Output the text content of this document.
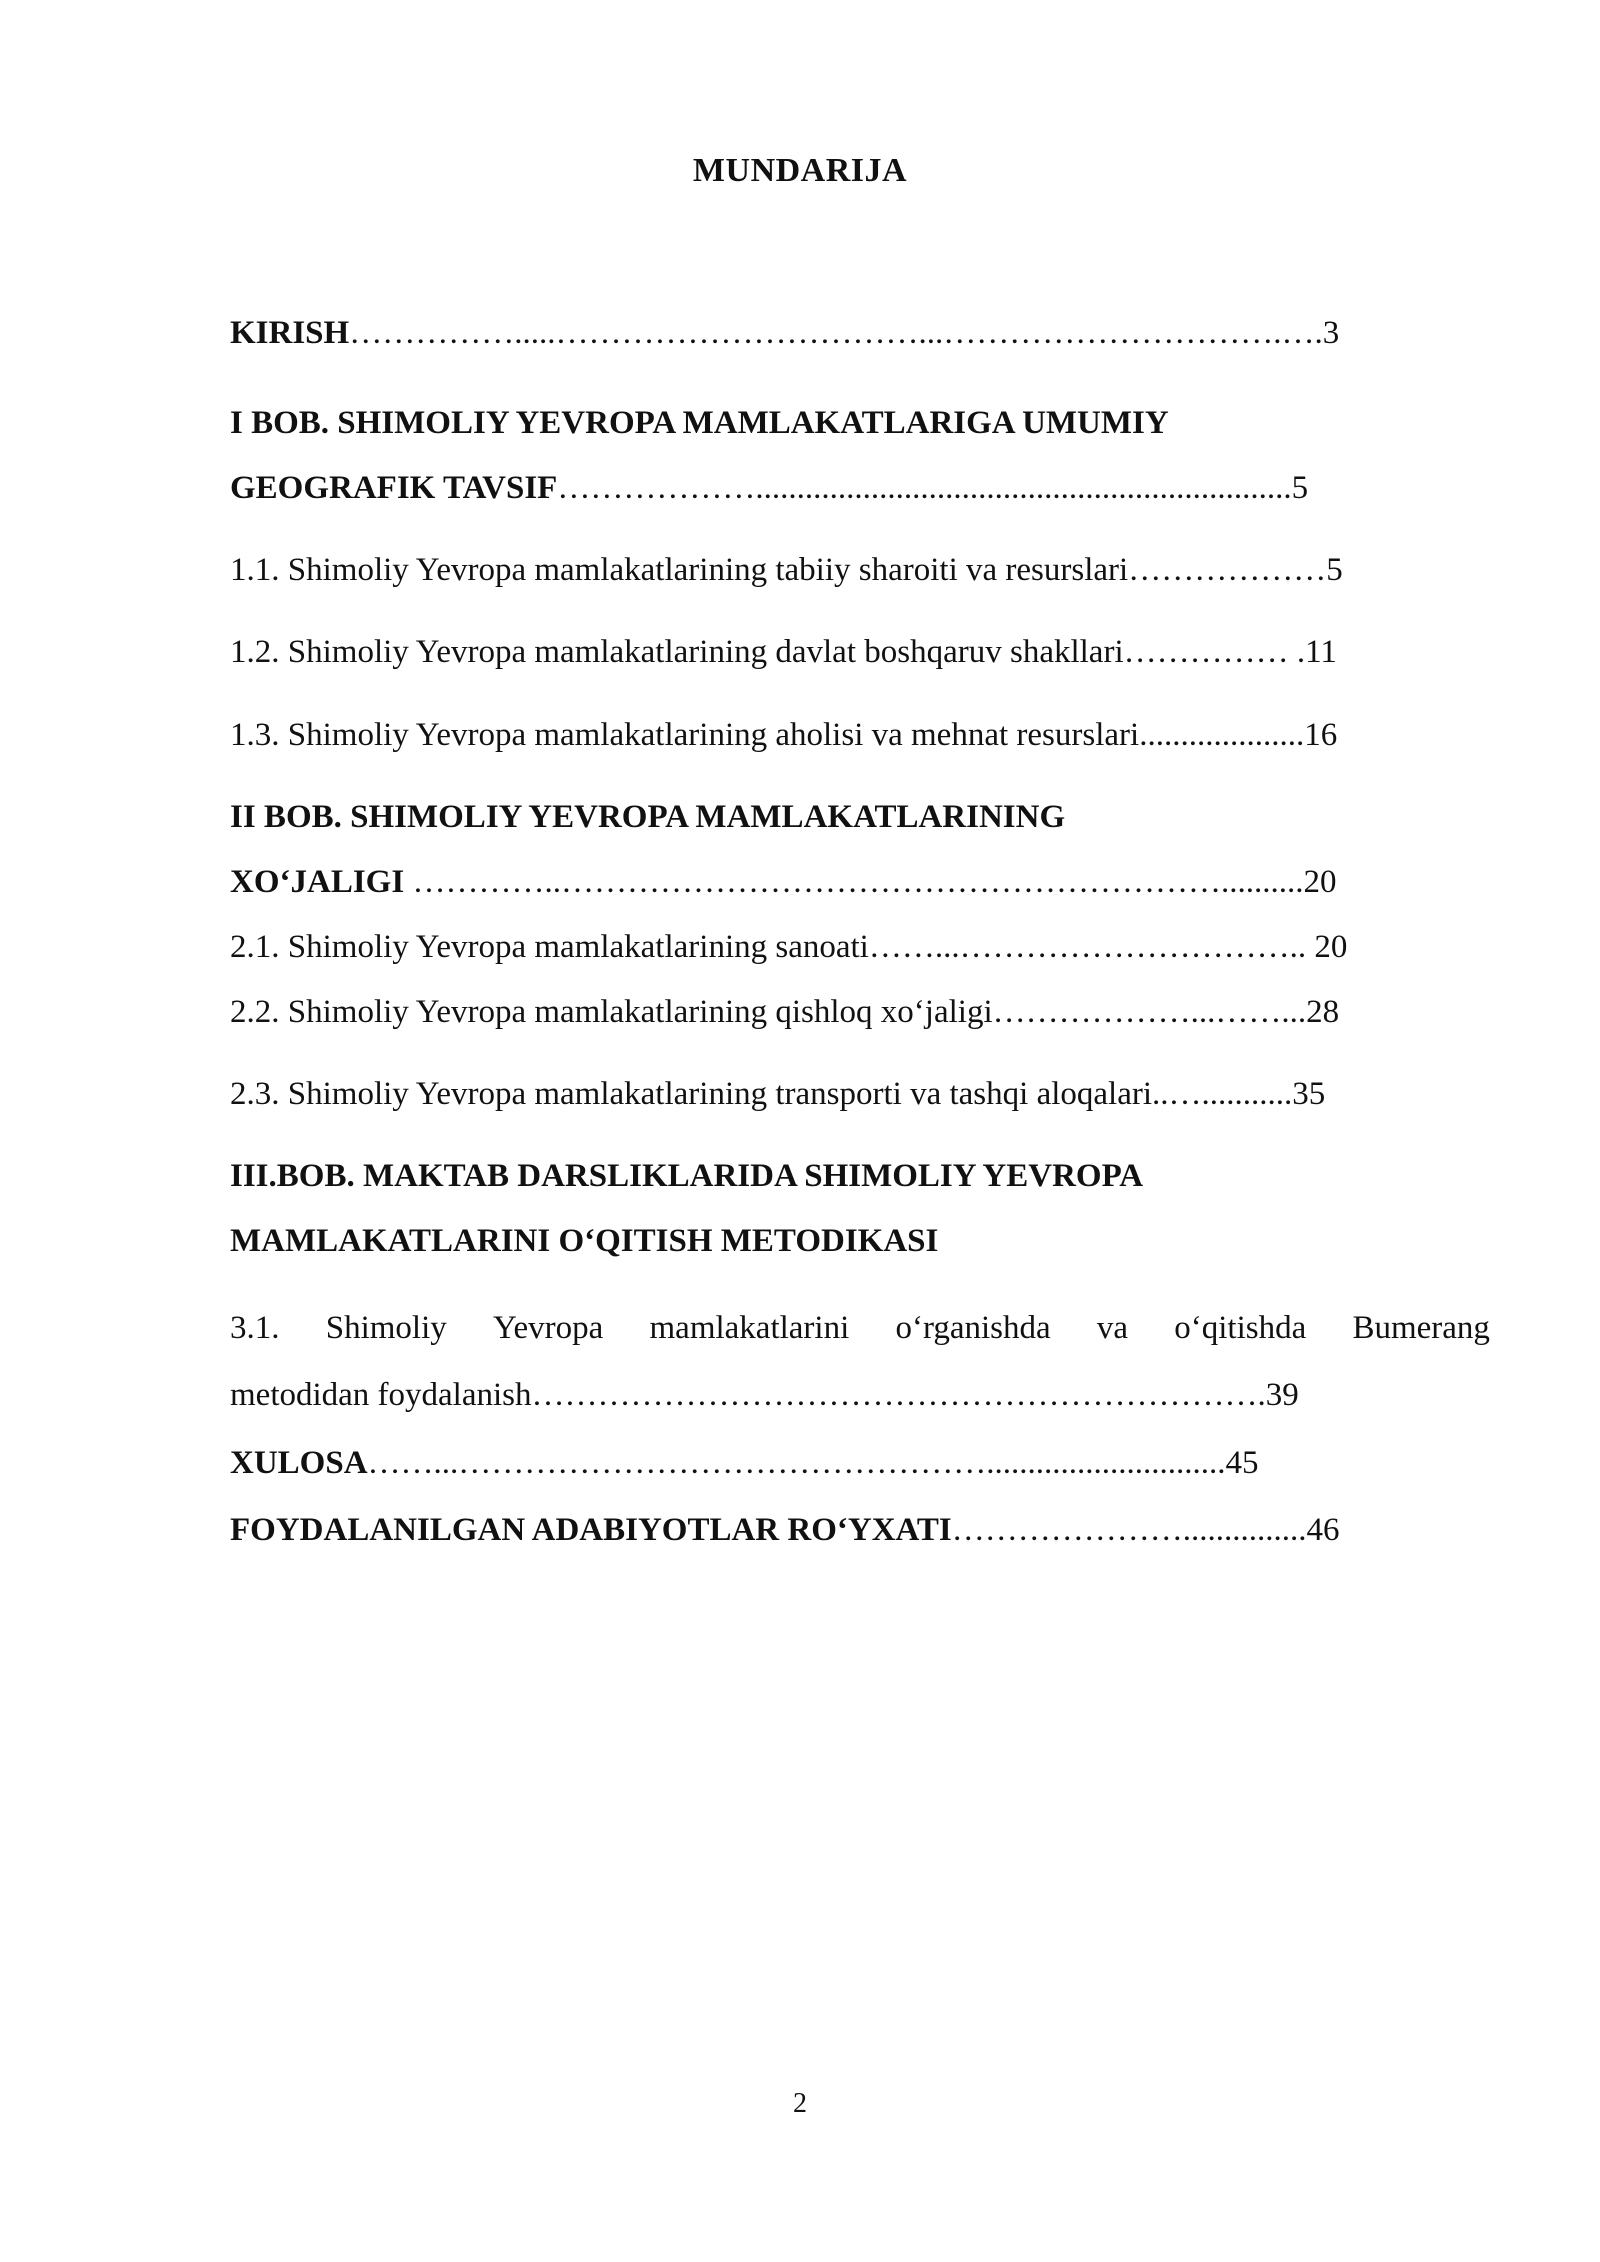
MUNDARIJA
KIRISH…………….....……………………………...………………………….….3
I BOB. SHIMOLIY YEVROPA MAMLAKATLARIGA UMUMIY
GEOGRAFIK TAVSIF……………….................................................................5
1.1. Shimoliy Yevropa mamlakatlarining tabiiy sharoiti va resurslari………………5
1.2. Shimoliy Yevropa mamlakatlarining davlat boshqaruv shakllari…………… .11
1.3. Shimoliy Yevropa mamlakatlarining aholisi va mehnat resurslari....................16
II BOB. SHIMOLIY YEVROPA MAMLAKATLARINING
XO‘JALIGI …………..……………………………………………………..........20
2.1. Shimoliy Yevropa mamlakatlarining sanoati……...………………………….. 20
2.2. Shimoliy Yevropa mamlakatlarining qishloq xo‘jaligi………………...……...28
2.3. Shimoliy Yevropa mamlakatlarining transporti va tashqi aloqalari..…...........35
III.BOB. MAKTAB DARSLIKLARIDA SHIMOLIY YEVROPA
MAMLAKATLARINI O‘QITISH METODIKASI
3.1. Shimoliy Yevropa mamlakatlarini o‘rganishda va o‘qitishda Bumerang
metodidan foydalanish………………………………………………………….39
XULOSA……...………………………………………….............................45
FOYDALANILGAN ADABIYOTLAR RO‘YXATI…………………...............46
2
